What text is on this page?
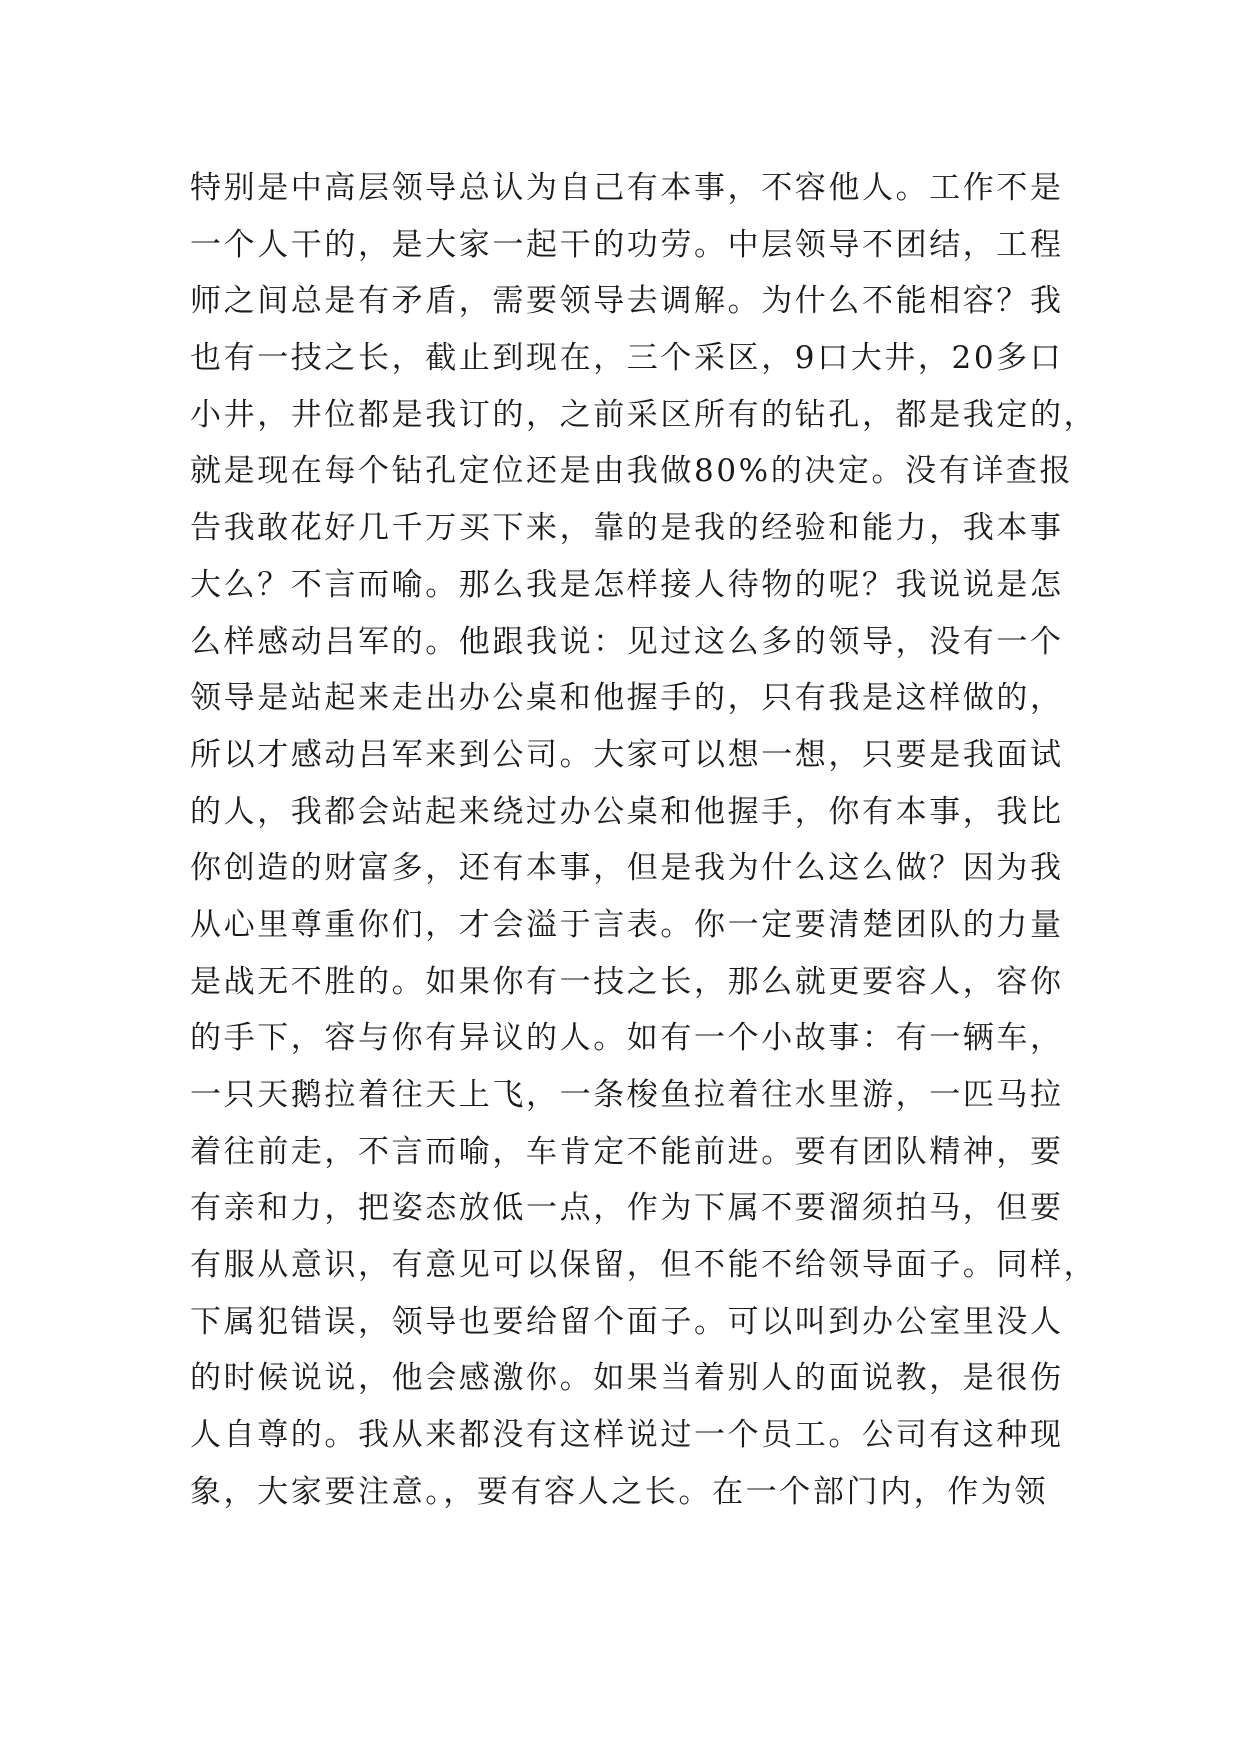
特别是中高层领导总认为自己有本事，不容他人。工作不是
一个人干的，是大家一起干的功劳。中层领导不团结，工程
师之间总是有矛盾，需要领导去调解。为什么不能相容？我
也有一技之长，截止到现在，三个采区，9口大井，20多口
小井，井位都是我订的，之前采区所有的钻孔，都是我定的，
就是现在每个钻孔定位还是由我做80%的决定。没有详查报
告我敢花好几千万买下来，靠的是我的经验和能力，我本事
大么？不言而喻。那么我是怎样接人待物的呢？我说说是怎
么样感动吕军的。他跟我说：见过这么多的领导，没有一个
领导是站起来走出办公桌和他握手的，只有我是这样做的，
所以才感动吕军来到公司。大家可以想一想，只要是我面试
的人，我都会站起来绕过办公桌和他握手，你有本事，我比
你创造的财富多，还有本事，但是我为什么这么做？因为我
从心里尊重你们，才会溢于言表。你一定要清楚团队的力量
是战无不胜的。如果你有一技之长，那么就更要容人，容你
的手下，容与你有异议的人。如有一个小故事：有一辆车，
一只天鹅拉着往天上飞，一条梭鱼拉着往水里游，一匹马拉
着往前走，不言而喻，车肯定不能前进。要有团队精神，要
有亲和力，把姿态放低一点，作为下属不要溜须拍马，但要
有服从意识，有意见可以保留，但不能不给领导面子。同样，
下属犯错误，领导也要给留个面子。可以叫到办公室里没人
的时候说说，他会感激你。如果当着别人的面说教，是很伤
人自尊的。我从来都没有这样说过一个员工。公司有这种现
象，大家要注意。，要有容人之长。在一个部门内，作为领
